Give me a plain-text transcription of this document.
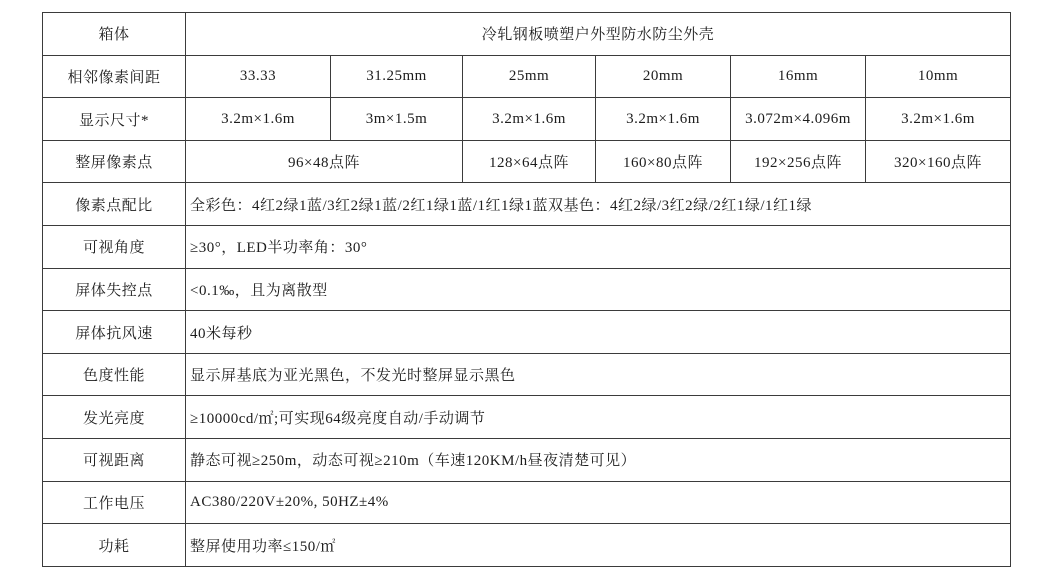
箱体	冷轧钢板喷塑户外型防水防尘外壳					
相邻像素间距	33.33	31.25mm	25mm	20mm	16mm	10mm
显示尺寸*	3.2m×1.6m	3m×1.5m	3.2m×1.6m	3.2m×1.6m	3.072m×4.096m	3.2m×1.6m
整屏像素点	96×48点阵		128×64点阵	160×80点阵	192×256点阵	320×160点阵
像素点配比	全彩色：4红2绿1蓝/3红2绿1蓝/2红1绿1蓝/1红1绿1蓝双基色：4红2绿/3红2绿/2红1绿/1红1绿					
可视角度	≥30°，LED半功率角：30°					
屏体失控点	<0.1‰，且为离散型					
屏体抗风速	40米每秒					
色度性能	显示屏基底为亚光黑色，不发光时整屏显示黑色					
发光亮度	≥10000cd/㎡;可实现64级亮度自动/手动调节					
可视距离	静态可视≥250m，动态可视≥210m（车速120KM/h昼夜清楚可见）					
工作电压	AC380/220V±20%, 50HZ±4%					
功耗	整屏使用功率≤150/㎡					
